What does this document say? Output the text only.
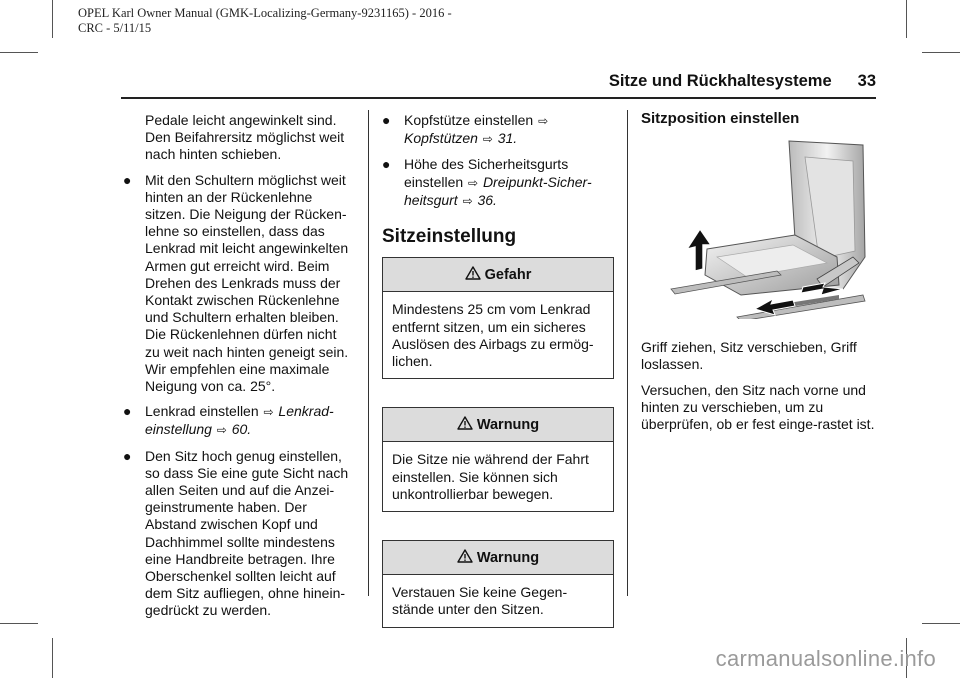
OPEL Karl Owner Manual (GMK-Localizing-Germany-9231165) - 2016 -
CRC - 5/11/15
Sitze und Rückhaltesysteme 33

Pedale leicht angewinkelt sind. Den Beifahrersitz möglichst weit nach hinten schieben.

● Mit den Schultern möglichst weit hinten an der Rückenlehne sitzen. Die Neigung der Rücken-lehne so einstellen, dass das Lenkrad mit leicht angewinkelten Armen gut erreicht wird. Beim Drehen des Lenkrads muss der Kontakt zwischen Rückenlehne und Schultern erhalten bleiben. Die Rückenlehnen dürfen nicht zu weit nach hinten geneigt sein. Wir empfehlen eine maximale Neigung von ca. 25°.
● Lenkrad einstellen ⇨ Lenkrad-einstellung ⇨ 60.
● Den Sitz hoch genug einstellen, so dass Sie eine gute Sicht nach allen Seiten und auf die Anzei-geinstrumente haben. Der Abstand zwischen Kopf und Dachhimmel sollte mindestens eine Handbreite betragen. Ihre Oberschenkel sollten leicht auf dem Sitz aufliegen, ohne hinein-gedrückt zu werden.
● Kopfstütze einstellen ⇨
Kopfstützen ⇨ 31.
● Höhe des Sicherheitsgurts einstellen ⇨ Dreipunkt-Sicher-heitsgurt ⇨ 36.
Sitzeinstellung
Gefahr
Mindestens 25 cm vom Lenkrad entfernt sitzen, um ein sicheres Auslösen des Airbags zu ermög-lichen.
Warnung
Die Sitze nie während der Fahrt einstellen. Sie können sich unkontrollierbar bewegen.
Warnung
Verstauen Sie keine Gegen-stände unter den Sitzen.
Sitzposition einstellen

Griff ziehen, Sitz verschieben, Griff loslassen.

Versuchen, den Sitz nach vorne und hinten zu verschieben, um zu überprüfen, ob er fest einge-rastet ist.

carmanualsonline.info
